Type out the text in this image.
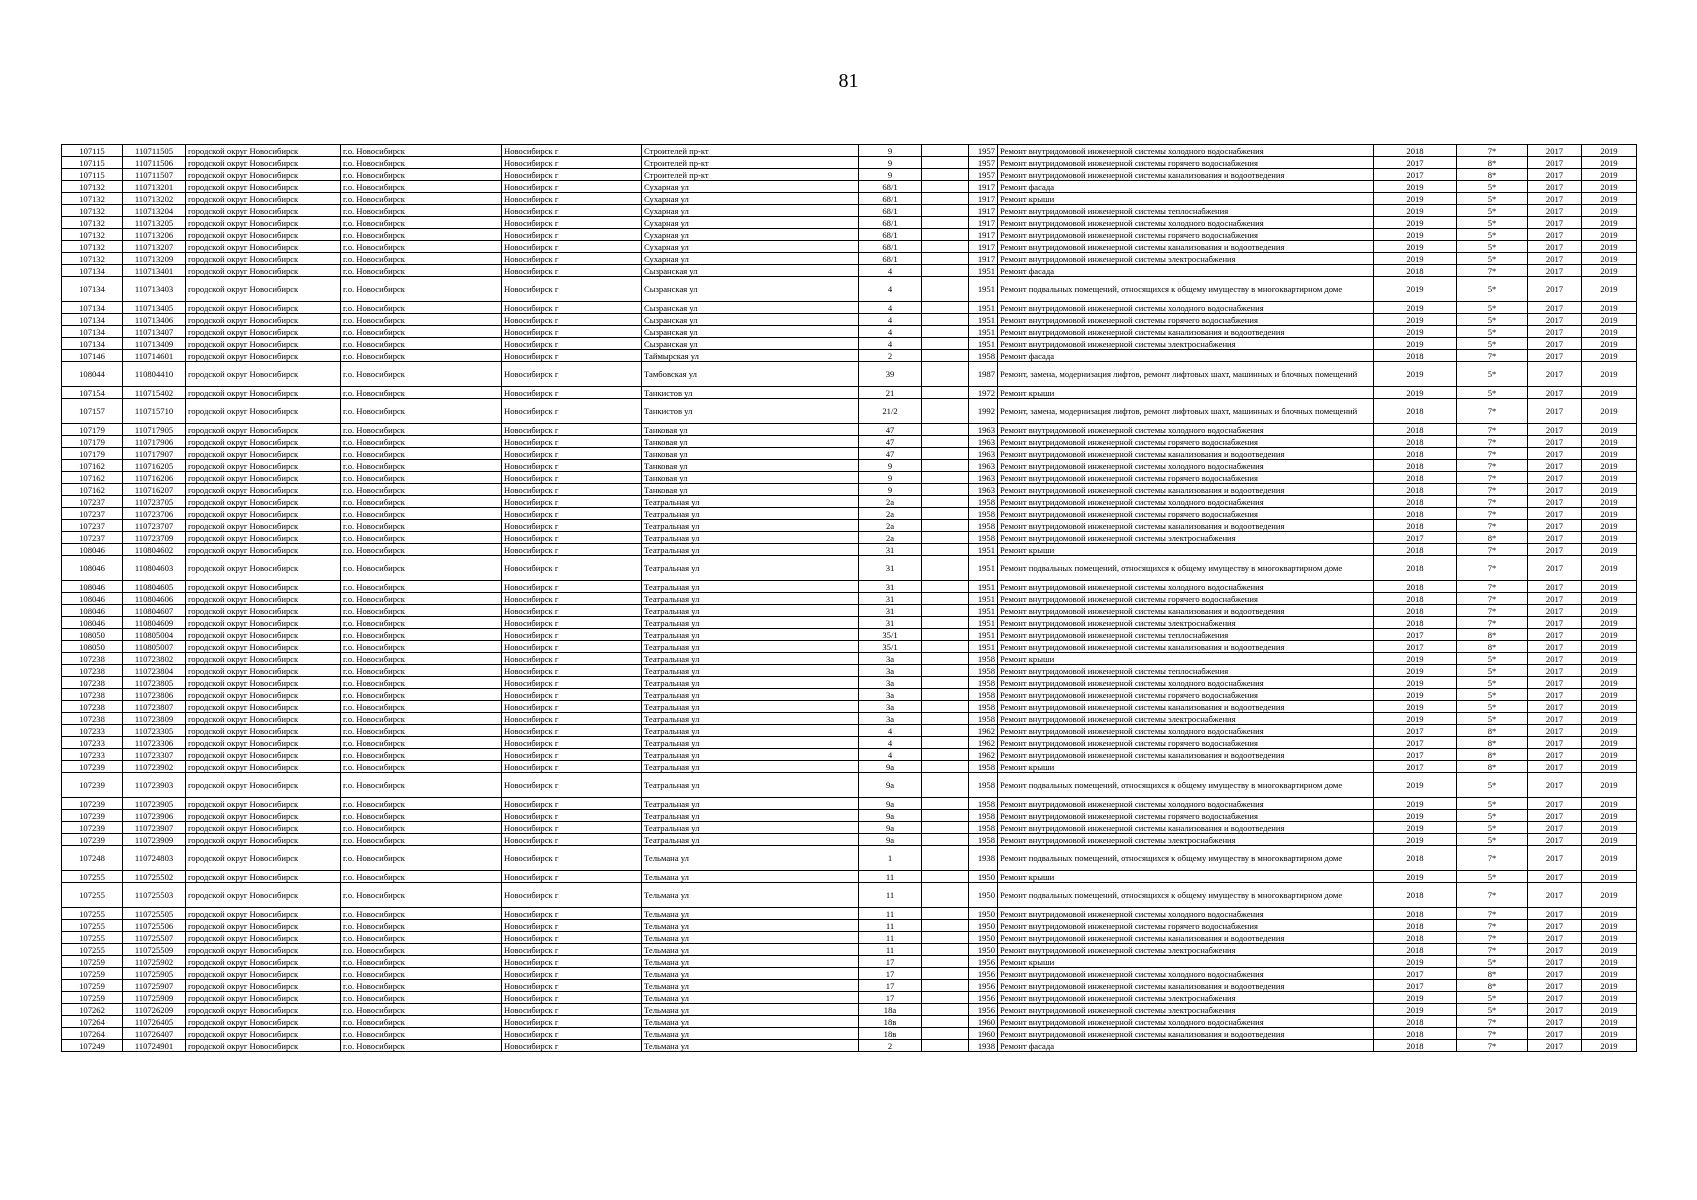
81
107115	110711505	городской округ Новосибирск	г.о. Новосибирск	Новосибирск г	Строителей пр-кт	9		1957	Ремонт внутридомовой инженерной системы холодного водоснабжения	2018	7*	2017	2019
107115	110711506	городской округ Новосибирск	г.о. Новосибирск	Новосибирск г	Строителей пр-кт	9		1957	Ремонт внутридомовой инженерной системы горячего водоснабжения	2017	8*	2017	2019
107115	110711507	городской округ Новосибирск	г.о. Новосибирск	Новосибирск г	Строителей пр-кт	9		1957	Ремонт внутридомовой инженерной системы канализования и водоотведения	2017	8*	2017	2019
107132	110713201	городской округ Новосибирск	г.о. Новосибирск	Новосибирск г	Сухарная ул	68/1		1917	Ремонт фасада	2019	5*	2017	2019
107132	110713202	городской округ Новосибирск	г.о. Новосибирск	Новосибирск г	Сухарная ул	68/1		1917	Ремонт крыши	2019	5*	2017	2019
107132	110713204	городской округ Новосибирск	г.о. Новосибирск	Новосибирск г	Сухарная ул	68/1		1917	Ремонт внутридомовой инженерной системы теплоснабжения	2019	5*	2017	2019
107132	110713205	городской округ Новосибирск	г.о. Новосибирск	Новосибирск г	Сухарная ул	68/1		1917	Ремонт внутридомовой инженерной системы холодного водоснабжения	2019	5*	2017	2019
107132	110713206	городской округ Новосибирск	г.о. Новосибирск	Новосибирск г	Сухарная ул	68/1		1917	Ремонт внутридомовой инженерной системы горячего водоснабжения	2019	5*	2017	2019
107132	110713207	городской округ Новосибирск	г.о. Новосибирск	Новосибирск г	Сухарная ул	68/1		1917	Ремонт внутридомовой инженерной системы канализования и водоотведения	2019	5*	2017	2019
107132	110713209	городской округ Новосибирск	г.о. Новосибирск	Новосибирск г	Сухарная ул	68/1		1917	Ремонт внутридомовой инженерной системы электроснабжения	2019	5*	2017	2019
107134	110713401	городской округ Новосибирск	г.о. Новосибирск	Новосибирск г	Сызранская ул	4		1951	Ремонт фасада	2018	7*	2017	2019
107134	110713403	городской округ Новосибирск	г.о. Новосибирск	Новосибирск г	Сызранская ул	4		1951	Ремонт подвальных помещений, относящихся к общему имуществу в многоквартирном доме	2019	5*	2017	2019
107134	110713405	городской округ Новосибирск	г.о. Новосибирск	Новосибирск г	Сызранская ул	4		1951	Ремонт внутридомовой инженерной системы холодного водоснабжения	2019	5*	2017	2019
107134	110713406	городской округ Новосибирск	г.о. Новосибирск	Новосибирск г	Сызранская ул	4		1951	Ремонт внутридомовой инженерной системы горячего водоснабжения	2019	5*	2017	2019
107134	110713407	городской округ Новосибирск	г.о. Новосибирск	Новосибирск г	Сызранская ул	4		1951	Ремонт внутридомовой инженерной системы канализования и водоотведения	2019	5*	2017	2019
107134	110713409	городской округ Новосибирск	г.о. Новосибирск	Новосибирск г	Сызранская ул	4		1951	Ремонт внутридомовой инженерной системы электроснабжения	2019	5*	2017	2019
107146	110714601	городской округ Новосибирск	г.о. Новосибирск	Новосибирск г	Таймырская ул	2		1958	Ремонт фасада	2018	7*	2017	2019
108044	110804410	городской округ Новосибирск	г.о. Новосибирск	Новосибирск г	Тамбовская ул	39		1987	Ремонт, замена, модернизация лифтов, ремонт лифтовых шахт, машинных и блочных помещений	2019	5*	2017	2019
107154	110715402	городской округ Новосибирск	г.о. Новосибирск	Новосибирск г	Танкистов ул	21		1972	Ремонт крыши	2019	5*	2017	2019
107157	110715710	городской округ Новосибирск	г.о. Новосибирск	Новосибирск г	Танкистов ул	21/2		1992	Ремонт, замена, модернизация лифтов, ремонт лифтовых шахт, машинных и блочных помещений	2018	7*	2017	2019
107179	110717905	городской округ Новосибирск	г.о. Новосибирск	Новосибирск г	Танковая ул	47		1963	Ремонт внутридомовой инженерной системы холодного водоснабжения	2018	7*	2017	2019
107179	110717906	городской округ Новосибирск	г.о. Новосибирск	Новосибирск г	Танковая ул	47		1963	Ремонт внутридомовой инженерной системы горячего водоснабжения	2018	7*	2017	2019
107179	110717907	городской округ Новосибирск	г.о. Новосибирск	Новосибирск г	Танковая ул	47		1963	Ремонт внутридомовой инженерной системы канализования и водоотведения	2018	7*	2017	2019
107162	110716205	городской округ Новосибирск	г.о. Новосибирск	Новосибирск г	Танковая ул	9		1963	Ремонт внутридомовой инженерной системы холодного водоснабжения	2018	7*	2017	2019
107162	110716206	городской округ Новосибирск	г.о. Новосибирск	Новосибирск г	Танковая ул	9		1963	Ремонт внутридомовой инженерной системы горячего водоснабжения	2018	7*	2017	2019
107162	110716207	городской округ Новосибирск	г.о. Новосибирск	Новосибирск г	Танковая ул	9		1963	Ремонт внутридомовой инженерной системы канализования и водоотведения	2018	7*	2017	2019
107237	110723705	городской округ Новосибирск	г.о. Новосибирск	Новосибирск г	Театральная ул	2а		1958	Ремонт внутридомовой инженерной системы холодного водоснабжения	2018	7*	2017	2019
107237	110723706	городской округ Новосибирск	г.о. Новосибирск	Новосибирск г	Театральная ул	2а		1958	Ремонт внутридомовой инженерной системы горячего водоснабжения	2018	7*	2017	2019
107237	110723707	городской округ Новосибирск	г.о. Новосибирск	Новосибирск г	Театральная ул	2а		1958	Ремонт внутридомовой инженерной системы канализования и водоотведения	2018	7*	2017	2019
107237	110723709	городской округ Новосибирск	г.о. Новосибирск	Новосибирск г	Театральная ул	2а		1958	Ремонт внутридомовой инженерной системы электроснабжения	2017	8*	2017	2019
108046	110804602	городской округ Новосибирск	г.о. Новосибирск	Новосибирск г	Театральная ул	31		1951	Ремонт крыши	2018	7*	2017	2019
108046	110804603	городской округ Новосибирск	г.о. Новосибирск	Новосибирск г	Театральная ул	31		1951	Ремонт подвальных помещений, относящихся к общему имуществу в многоквартирном доме	2018	7*	2017	2019
108046	110804605	городской округ Новосибирск	г.о. Новосибирск	Новосибирск г	Театральная ул	31		1951	Ремонт внутридомовой инженерной системы холодного водоснабжения	2018	7*	2017	2019
108046	110804606	городской округ Новосибирск	г.о. Новосибирск	Новосибирск г	Театральная ул	31		1951	Ремонт внутридомовой инженерной системы горячего водоснабжения	2018	7*	2017	2019
108046	110804607	городской округ Новосибирск	г.о. Новосибирск	Новосибирск г	Театральная ул	31		1951	Ремонт внутридомовой инженерной системы канализования и водоотведения	2018	7*	2017	2019
108046	110804609	городской округ Новосибирск	г.о. Новосибирск	Новосибирск г	Театральная ул	31		1951	Ремонт внутридомовой инженерной системы электроснабжения	2018	7*	2017	2019
108050	110805004	городской округ Новосибирск	г.о. Новосибирск	Новосибирск г	Театральная ул	35/1		1951	Ремонт внутридомовой инженерной системы теплоснабжения	2017	8*	2017	2019
108050	110805007	городской округ Новосибирск	г.о. Новосибирск	Новосибирск г	Театральная ул	35/1		1951	Ремонт внутридомовой инженерной системы канализования и водоотведения	2017	8*	2017	2019
107238	110723802	городской округ Новосибирск	г.о. Новосибирск	Новосибирск г	Театральная ул	3а		1958	Ремонт крыши	2019	5*	2017	2019
107238	110723804	городской округ Новосибирск	г.о. Новосибирск	Новосибирск г	Театральная ул	3а		1958	Ремонт внутридомовой инженерной системы теплоснабжения	2019	5*	2017	2019
107238	110723805	городской округ Новосибирск	г.о. Новосибирск	Новосибирск г	Театральная ул	3а		1958	Ремонт внутридомовой инженерной системы холодного водоснабжения	2019	5*	2017	2019
107238	110723806	городской округ Новосибирск	г.о. Новосибирск	Новосибирск г	Театральная ул	3а		1958	Ремонт внутридомовой инженерной системы горячего водоснабжения	2019	5*	2017	2019
107238	110723807	городской округ Новосибирск	г.о. Новосибирск	Новосибирск г	Театральная ул	3а		1958	Ремонт внутридомовой инженерной системы канализования и водоотведения	2019	5*	2017	2019
107238	110723809	городской округ Новосибирск	г.о. Новосибирск	Новосибирск г	Театральная ул	3а		1958	Ремонт внутридомовой инженерной системы электроснабжения	2019	5*	2017	2019
107233	110723305	городской округ Новосибирск	г.о. Новосибирск	Новосибирск г	Театральная ул	4		1962	Ремонт внутридомовой инженерной системы холодного водоснабжения	2017	8*	2017	2019
107233	110723306	городской округ Новосибирск	г.о. Новосибирск	Новосибирск г	Театральная ул	4		1962	Ремонт внутридомовой инженерной системы горячего водоснабжения	2017	8*	2017	2019
107233	110723307	городской округ Новосибирск	г.о. Новосибирск	Новосибирск г	Театральная ул	4		1962	Ремонт внутридомовой инженерной системы канализования и водоотведения	2017	8*	2017	2019
107239	110723902	городской округ Новосибирск	г.о. Новосибирск	Новосибирск г	Театральная ул	9а		1958	Ремонт крыши	2017	8*	2017	2019
107239	110723903	городской округ Новосибирск	г.о. Новосибирск	Новосибирск г	Театральная ул	9а		1958	Ремонт подвальных помещений, относящихся к общему имуществу в многоквартирном доме	2019	5*	2017	2019
107239	110723905	городской округ Новосибирск	г.о. Новосибирск	Новосибирск г	Театральная ул	9а		1958	Ремонт внутридомовой инженерной системы холодного водоснабжения	2019	5*	2017	2019
107239	110723906	городской округ Новосибирск	г.о. Новосибирск	Новосибирск г	Театральная ул	9а		1958	Ремонт внутридомовой инженерной системы горячего водоснабжения	2019	5*	2017	2019
107239	110723907	городской округ Новосибирск	г.о. Новосибирск	Новосибирск г	Театральная ул	9а		1958	Ремонт внутридомовой инженерной системы канализования и водоотведения	2019	5*	2017	2019
107239	110723909	городской округ Новосибирск	г.о. Новосибирск	Новосибирск г	Театральная ул	9а		1958	Ремонт внутридомовой инженерной системы электроснабжения	2019	5*	2017	2019
107248	110724803	городской округ Новосибирск	г.о. Новосибирск	Новосибирск г	Тельмана ул	1		1938	Ремонт подвальных помещений, относящихся к общему имуществу в многоквартирном доме	2018	7*	2017	2019
107255	110725502	городской округ Новосибирск	г.о. Новосибирск	Новосибирск г	Тельмана ул	11		1950	Ремонт крыши	2019	5*	2017	2019
107255	110725503	городской округ Новосибирск	г.о. Новосибирск	Новосибирск г	Тельмана ул	11		1950	Ремонт подвальных помещений, относящихся к общему имуществу в многоквартирном доме	2018	7*	2017	2019
107255	110725505	городской округ Новосибирск	г.о. Новосибирск	Новосибирск г	Тельмана ул	11		1950	Ремонт внутридомовой инженерной системы холодного водоснабжения	2018	7*	2017	2019
107255	110725506	городской округ Новосибирск	г.о. Новосибирск	Новосибирск г	Тельмана ул	11		1950	Ремонт внутридомовой инженерной системы горячего водоснабжения	2018	7*	2017	2019
107255	110725507	городской округ Новосибирск	г.о. Новосибирск	Новосибирск г	Тельмана ул	11		1950	Ремонт внутридомовой инженерной системы канализования и водоотведения	2018	7*	2017	2019
107255	110725509	городской округ Новосибирск	г.о. Новосибирск	Новосибирск г	Тельмана ул	11		1950	Ремонт внутридомовой инженерной системы электроснабжения	2018	7*	2017	2019
107259	110725902	городской округ Новосибирск	г.о. Новосибирск	Новосибирск г	Тельмана ул	17		1956	Ремонт крыши	2019	5*	2017	2019
107259	110725905	городской округ Новосибирск	г.о. Новосибирск	Новосибирск г	Тельмана ул	17		1956	Ремонт внутридомовой инженерной системы холодного водоснабжения	2017	8*	2017	2019
107259	110725907	городской округ Новосибирск	г.о. Новосибирск	Новосибирск г	Тельмана ул	17		1956	Ремонт внутридомовой инженерной системы канализования и водоотведения	2017	8*	2017	2019
107259	110725909	городской округ Новосибирск	г.о. Новосибирск	Новосибирск г	Тельмана ул	17		1956	Ремонт внутридомовой инженерной системы электроснабжения	2019	5*	2017	2019
107262	110726209	городской округ Новосибирск	г.о. Новосибирск	Новосибирск г	Тельмана ул	18а		1956	Ремонт внутридомовой инженерной системы электроснабжения	2019	5*	2017	2019
107264	110726405	городской округ Новосибирск	г.о. Новосибирск	Новосибирск г	Тельмана ул	18в		1960	Ремонт внутридомовой инженерной системы холодного водоснабжения	2018	7*	2017	2019
107264	110726407	городской округ Новосибирск	г.о. Новосибирск	Новосибирск г	Тельмана ул	18в		1960	Ремонт внутридомовой инженерной системы канализования и водоотведения	2018	7*	2017	2019
107249	110724901	городской округ Новосибирск	г.о. Новосибирск	Новосибирск г	Тельмана ул	2		1938	Ремонт фасада	2018	7*	2017	2019
